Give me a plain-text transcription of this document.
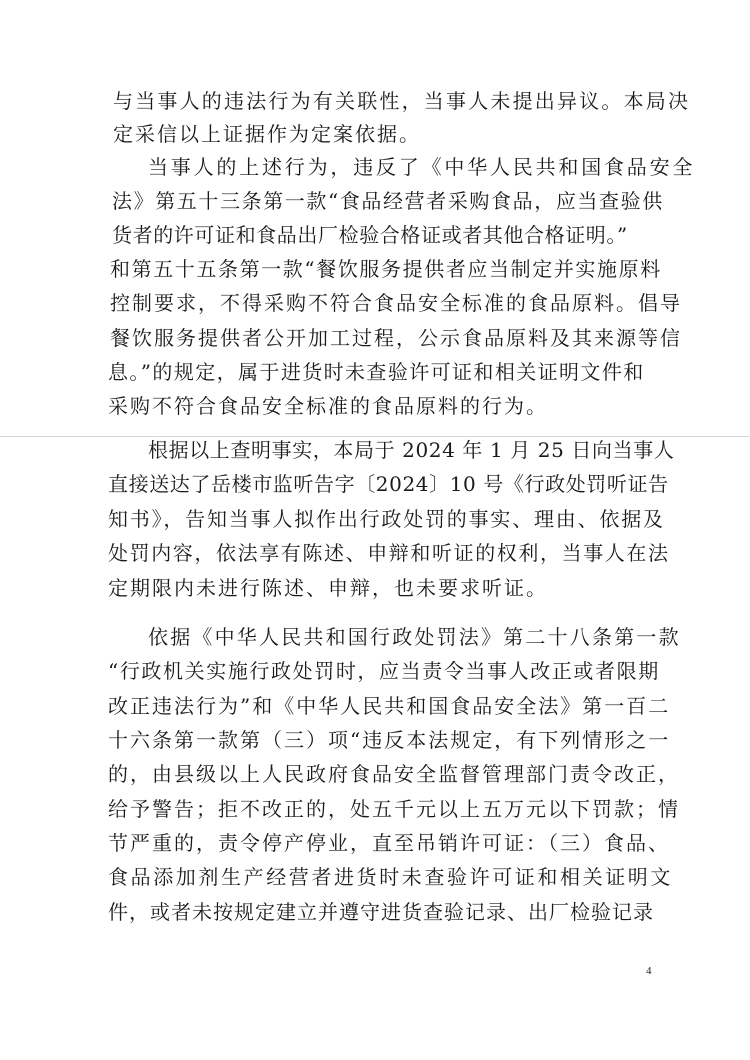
与当事人的违法行为有关联性，当事人未提出异议。本局决
定采信以上证据作为定案依据。
当事人的上述行为，违反了《中华人民共和国食品安全
法》第五十三条第一款“食品经营者采购食品，应当查验供
货者的许可证和食品出厂检验合格证或者其他合格证明。”
和第五十五条第一款“餐饮服务提供者应当制定并实施原料
控制要求，不得采购不符合食品安全标准的食品原料。倡导
餐饮服务提供者公开加工过程，公示食品原料及其来源等信
息。”的规定，属于进货时未查验许可证和相关证明文件和
采购不符合食品安全标准的食品原料的行为。
根据以上查明事实，本局于 2024 年 1 月 25 日向当事人
直接送达了岳楼市监听告字〔2024〕10 号《行政处罚听证告
知书》，告知当事人拟作出行政处罚的事实、理由、依据及
处罚内容，依法享有陈述、申辩和听证的权利，当事人在法
定期限内未进行陈述、申辩，也未要求听证。
依据《中华人民共和国行政处罚法》第二十八条第一款
“行政机关实施行政处罚时，应当责令当事人改正或者限期
改正违法行为”和《中华人民共和国食品安全法》第一百二
十六条第一款第（三）项“违反本法规定，有下列情形之一
的，由县级以上人民政府食品安全监督管理部门责令改正，
给予警告；拒不改正的，处五千元以上五万元以下罚款；情
节严重的，责令停产停业，直至吊销许可证：（三）食品、
食品添加剂生产经营者进货时未查验许可证和相关证明文
件，或者未按规定建立并遵守进货查验记录、出厂检验记录
4
